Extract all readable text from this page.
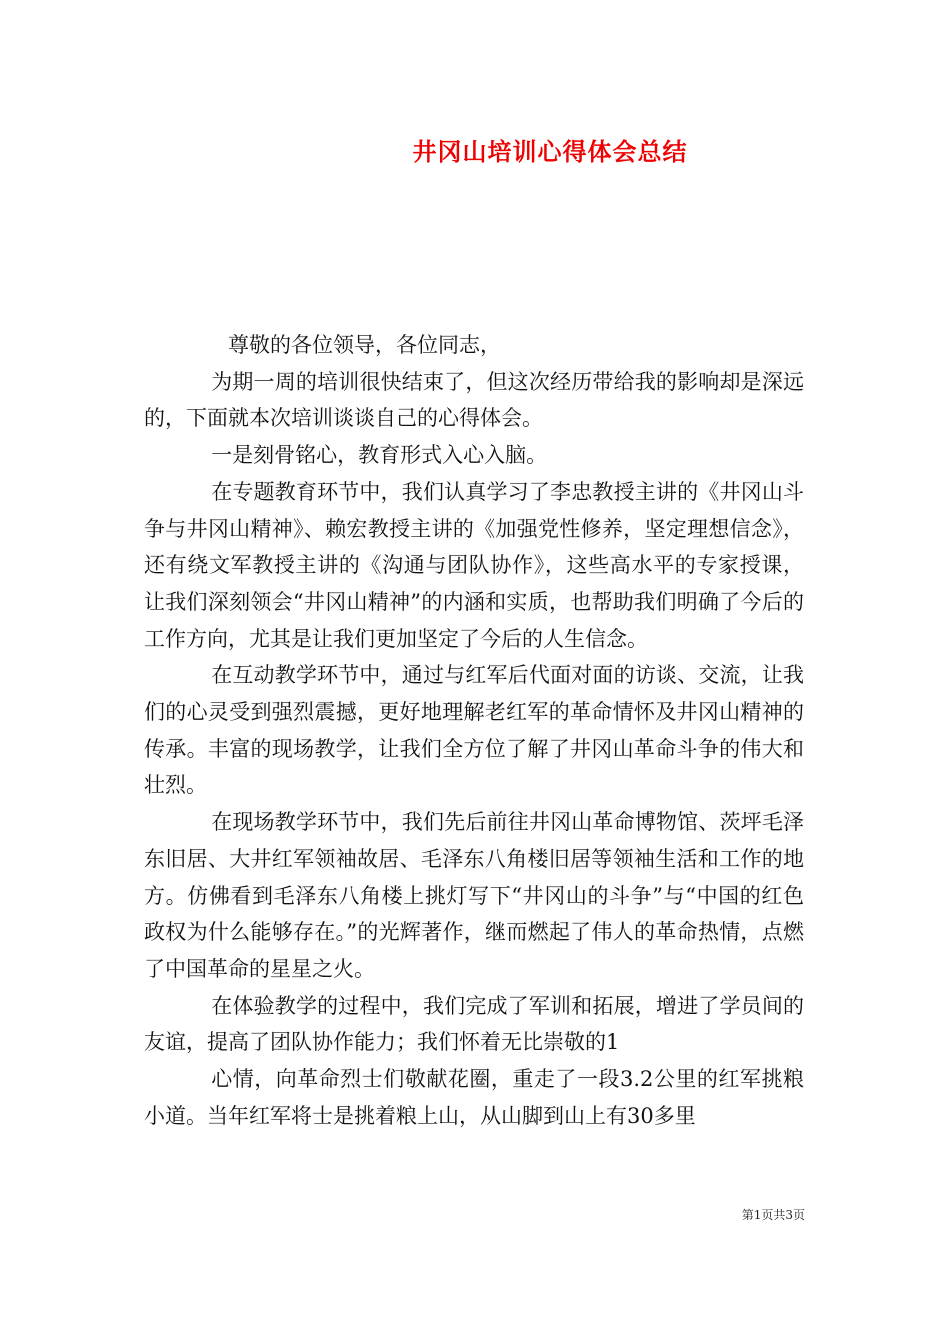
井冈山培训心得体会总结

尊敬的各位领导，各位同志，

为期一周的培训很快结束了，但这次经历带给我的影响却是深远的，下面就本次培训谈谈自己的心得体会。

一是刻骨铭心，教育形式入心入脑。

在专题教育环节中，我们认真学习了李忠教授主讲的《井冈山斗争与井冈山精神》、赖宏教授主讲的《加强党性修养，坚定理想信念》，还有绕文军教授主讲的《沟通与团队协作》，这些高水平的专家授课，让我们深刻领会“井冈山精神”的内涵和实质，也帮助我们明确了今后的工作方向，尤其是让我们更加坚定了今后的人生信念。

在互动教学环节中，通过与红军后代面对面的访谈、交流，让我们的心灵受到强烈震撼，更好地理解老红军的革命情怀及井冈山精神的传承。丰富的现场教学，让我们全方位了解了井冈山革命斗争的伟大和壮烈。

在现场教学环节中，我们先后前往井冈山革命博物馆、茨坪毛泽东旧居、大井红军领袖故居、毛泽东八角楼旧居等领袖生活和工作的地方。仿佛看到毛泽东八角楼上挑灯写下“井冈山的斗争”与“中国的红色政权为什么能够存在。”的光辉著作，继而燃起了伟人的革命热情，点燃了中国革命的星星之火。

在体验教学的过程中，我们完成了军训和拓展，增进了学员间的友谊，提高了团队协作能力；我们怀着无比崇敬的1

心情，向革命烈士们敬献花圈，重走了一段3.2公里的红军挑粮小道。当年红军将士是挑着粮上山，从山脚到山上有30多里

第1页共3页
